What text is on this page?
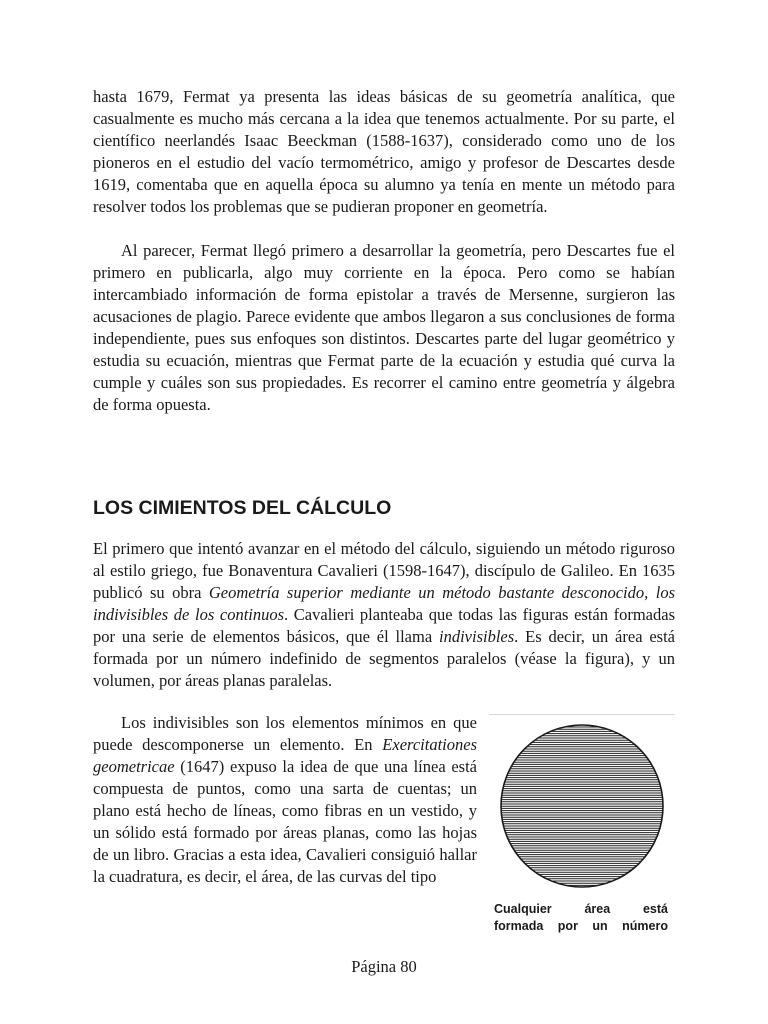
hasta 1679, Fermat ya presenta las ideas básicas de su geometría analítica, que casualmente es mucho más cercana a la idea que tenemos actualmente. Por su parte, el científico neerlandés Isaac Beeckman (1588-1637), considerado como uno de los pioneros en el estudio del vacío termométrico, amigo y profesor de Descartes desde 1619, comentaba que en aquella época su alumno ya tenía en mente un método para resolver todos los problemas que se pudieran proponer en geometría.

Al parecer, Fermat llegó primero a desarrollar la geometría, pero Descartes fue el primero en publicarla, algo muy corriente en la época. Pero como se habían intercambiado información de forma epistolar a través de Mersenne, surgieron las acusaciones de plagio. Parece evidente que ambos llegaron a sus conclusiones de forma independiente, pues sus enfoques son distintos. Descartes parte del lugar geométrico y estudia su ecuación, mientras que Fermat parte de la ecuación y estudia qué curva la cumple y cuáles son sus propiedades. Es recorrer el camino entre geometría y álgebra de forma opuesta.

LOS CIMIENTOS DEL CÁLCULO

El primero que intentó avanzar en el método del cálculo, siguiendo un método riguroso al estilo griego, fue Bonaventura Cavalieri (1598-1647), discípulo de Galileo. En 1635 publicó su obra Geometría superior mediante un método bastante desconocido, los indivisibles de los continuos. Cavalieri planteaba que todas las figuras están formadas por una serie de elementos básicos, que él llama indivisibles. Es decir, un área está formada por un número indefinido de segmentos paralelos (véase la figura), y un volumen, por áreas planas paralelas.

Los indivisibles son los elementos mínimos en que puede descomponerse un elemento. En Exercitationes geometricae (1647) expuso la idea de que una línea está compuesta de puntos, como una sarta de cuentas; un plano está hecho de líneas, como fibras en un vestido, y un sólido está formado por áreas planas, como las hojas de un libro. Gracias a esta idea, Cavalieri consiguió hallar la cuadratura, es decir, el área, de las curvas del tipo

Cualquier área está
formada por un número

Página 80
